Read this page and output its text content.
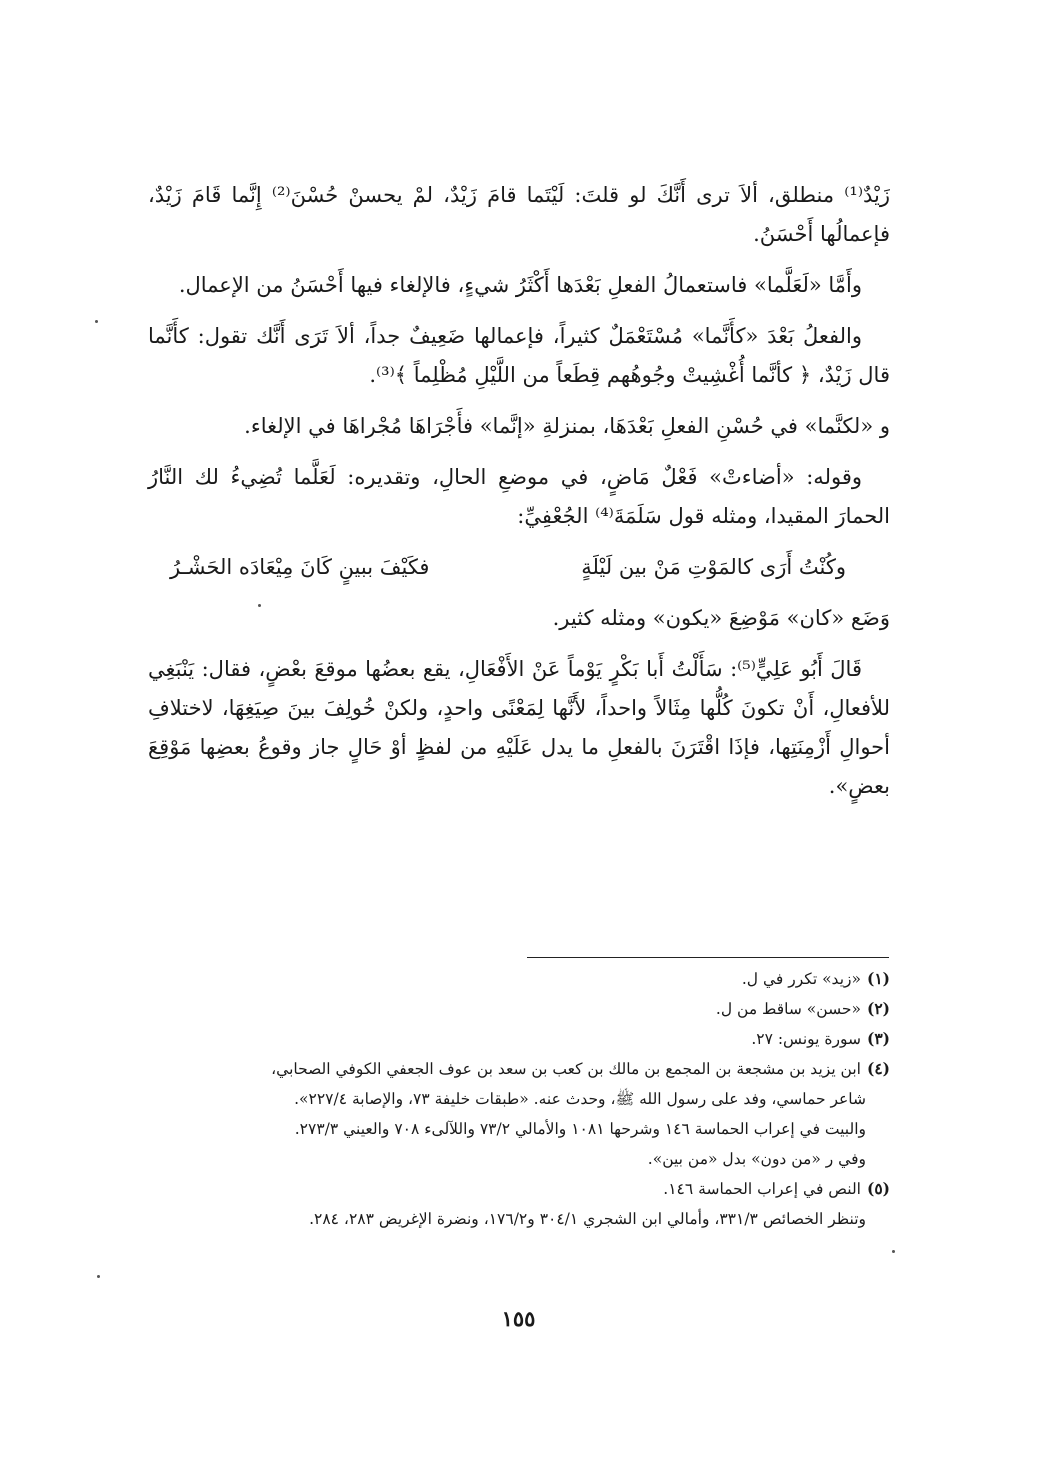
زَيْدٌ⁽¹⁾ منطلق، ألاَ ترى أَنَّكَ لو قلتَ: لَيْتَما قامَ زَيْدٌ، لمْ يحسنْ حُسْنَ⁽²⁾ إِنَّما قَامَ زَيْدٌ، فإعمالُها أَحْسَنُ.

وأَمَّا «لَعَلَّما» فاستعمالُ الفعلِ بَعْدَها أَكْثَرُ شيءٍ، فالإلغاء فيها أَحْسَنُ من الإعمال.

والفعلُ بَعْدَ «كأَنَّما» مُسْتَعْمَلٌ كثيراً، فإعمالها ضَعِيفٌ جداً، ألاَ تَرَى أَنَّك تقول: كأَنَّما قال زَيْدٌ، ﴿ كأنَّما أُغْشِيتْ وجُوهُهم قِطَعاً من اللَّيْلِ مُظْلِماً ﴾⁽³⁾.

و «لكنَّما» في حُسْنِ الفعلِ بَعْدَهَا، بمنزلةِ «إنَّما» فأَجْرَاهَا مُجْراهَا في الإلغاء.

وقوله: «أضاءتْ» فَعْلٌ مَاضٍ، في موضعِ الحالِ، وتقديره: لَعَلَّما تُضِيءُ لك النَّارُ الحمارَ المقيدا، ومثله قول سَلَمَةَ⁽⁴⁾ الجُعْفِيِّ:

وكُنْتُ أَرَى كالمَوْتِ مَنْ بين لَيْلَةٍ
فكَيْفَ ببينٍ كَانَ مِيْعَادَه الحَشْـرُ

وَضَع «كان» مَوْضِعَ «يكون» ومثله كثير.

قَالَ أَبُو عَلِيٍّ⁽⁵⁾: سَأَلْتُ أَبا بَكْرٍ يَوْماً عَنْ الأَفْعَالِ، يقع بعضُها موقعَ بعْضٍ، فقال: يَنْبَغِي للأفعالِ، أَنْ تكونَ كُلُّها مِثَالاً واحداً، لأَنَّها لِمَعْنًى واحدٍ، ولكنْ خُولِفَ بينَ صِيَغِهَا، لاختلافِ أحوالِ أَزْمِنَتِها، فإذَا اقْتَرَنَ بالفعلِ ما يدل عَلَيْهِ من لفظٍ أوْ حَالٍ جاز وقوعُ بعضِها مَوْقِعَ بعضٍ».

(١)«زيد» تكرر في ل.

(٢)«حسن» ساقط من ل.

(٣)سورة يونس: ٢٧.

(٤)ابن يزيد بن مشجعة بن المجمع بن مالك بن كعب بن سعد بن عوف الجعفي الكوفي الصحابي،

شاعر حماسي، وفد على رسول الله ﷺ، وحدث عنه. «طبقات خليفة ٧٣، والإصابة ٢٢٧/٤».

والبيت في إعراب الحماسة ١٤٦ وشرحها ١٠٨١ والأمالي ٧٣/٢ واللآلىء ٧٠٨ والعيني ٢٧٣/٣.

وفي ر «من دون» بدل «من بين».

(٥)النص في إعراب الحماسة ١٤٦.

وتنظر الخصائص ٣٣١/٣، وأمالي ابن الشجري ٣٠٤/١ و١٧٦/٢، ونضرة الإغريض ٢٨٣، ٢٨٤.

١٥٥
